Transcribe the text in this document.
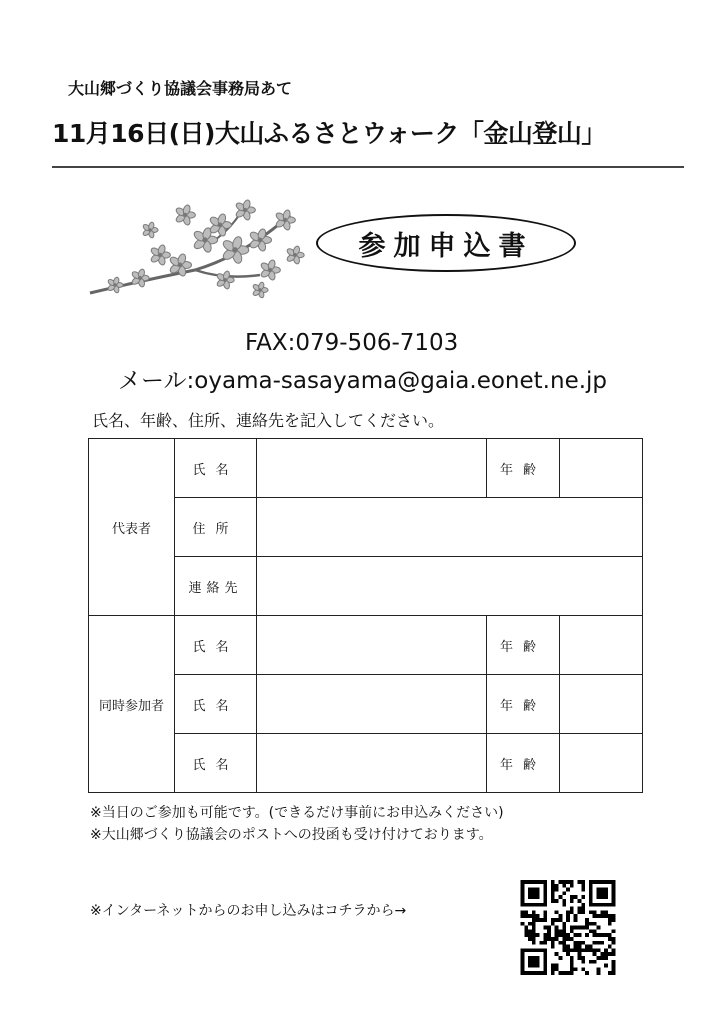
大山郷づくり協議会事務局あて
11月16日(日)大山ふるさとウォーク「金山登山」
参加申込書
FAX:079-506-7103
メール:oyama-sasayama@gaia.eonet.ne.jp
氏名、年齢、住所、連絡先を記入してください。
代表者	氏名		年齢	
	住所			
	連絡先			
同時参加者	氏名		年齢	
	氏名		年齢	
	氏名		年齢	
※当日のご参加も可能です。(できるだけ事前にお申込みください)
※大山郷づくり協議会のポストへの投函も受け付けております。
※インターネットからのお申し込みはコチラから→
